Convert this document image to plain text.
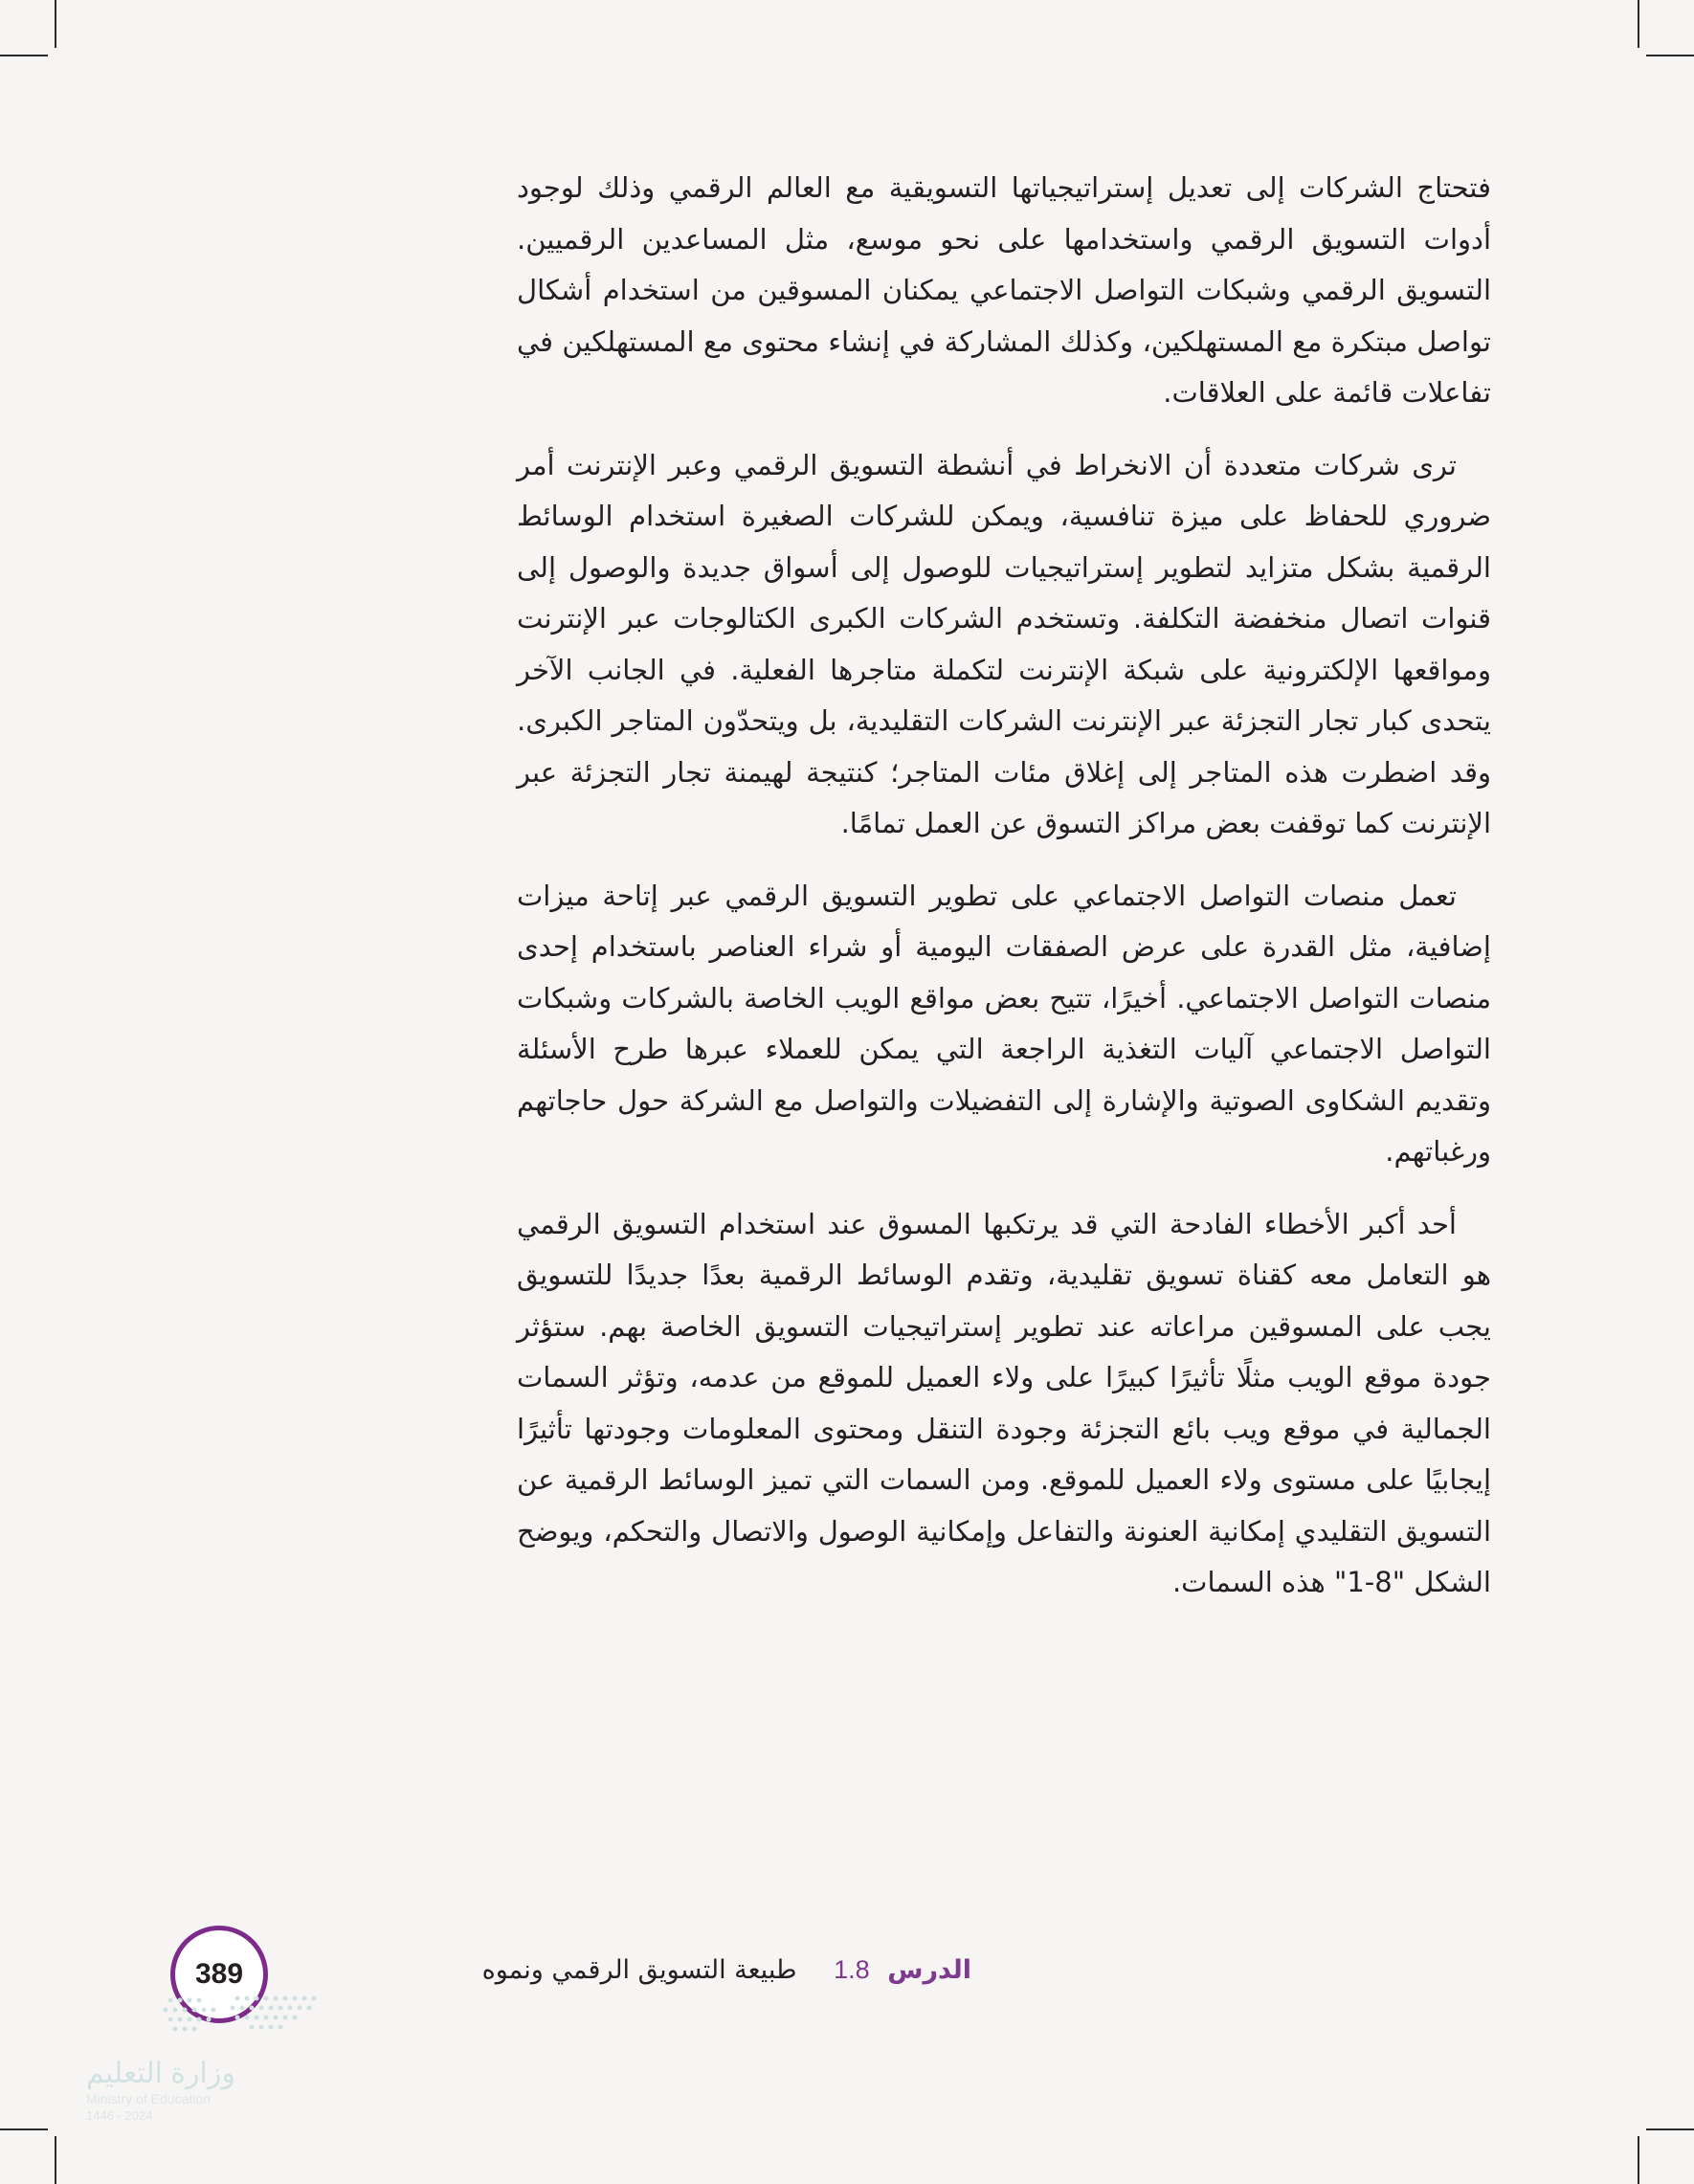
فتحتاج الشركات إلى تعديل إستراتيجياتها التسويقية مع العالم الرقمي وذلك لوجود أدوات التسويق الرقمي واستخدامها على نحو موسع، مثل المساعدين الرقميين. التسويق الرقمي وشبكات التواصل الاجتماعي يمكنان المسوقين من استخدام أشكال تواصل مبتكرة مع المستهلكين، وكذلك المشاركة في إنشاء محتوى مع المستهلكين في تفاعلات قائمة على العلاقات.

ترى شركات متعددة أن الانخراط في أنشطة التسويق الرقمي وعبر الإنترنت أمر ضروري للحفاظ على ميزة تنافسية، ويمكن للشركات الصغيرة استخدام الوسائط الرقمية بشكل متزايد لتطوير إستراتيجيات للوصول إلى أسواق جديدة والوصول إلى قنوات اتصال منخفضة التكلفة. وتستخدم الشركات الكبرى الكتالوجات عبر الإنترنت ومواقعها الإلكترونية على شبكة الإنترنت لتكملة متاجرها الفعلية. في الجانب الآخر يتحدى كبار تجار التجزئة عبر الإنترنت الشركات التقليدية، بل ويتحدّون المتاجر الكبرى. وقد اضطرت هذه المتاجر إلى إغلاق مئات المتاجر؛ كنتيجة لهيمنة تجار التجزئة عبر الإنترنت كما توقفت بعض مراكز التسوق عن العمل تمامًا.

تعمل منصات التواصل الاجتماعي على تطوير التسويق الرقمي عبر إتاحة ميزات إضافية، مثل القدرة على عرض الصفقات اليومية أو شراء العناصر باستخدام إحدى منصات التواصل الاجتماعي. أخيرًا، تتيح بعض مواقع الويب الخاصة بالشركات وشبكات التواصل الاجتماعي آليات التغذية الراجعة التي يمكن للعملاء عبرها طرح الأسئلة وتقديم الشكاوى الصوتية والإشارة إلى التفضيلات والتواصل مع الشركة حول حاجاتهم ورغباتهم.

أحد أكبر الأخطاء الفادحة التي قد يرتكبها المسوق عند استخدام التسويق الرقمي هو التعامل معه كقناة تسويق تقليدية، وتقدم الوسائط الرقمية بعدًا جديدًا للتسويق يجب على المسوقين مراعاته عند تطوير إستراتيجيات التسويق الخاصة بهم. ستؤثر جودة موقع الويب مثلًا تأثيرًا كبيرًا على ولاء العميل للموقع من عدمه، وتؤثر السمات الجمالية في موقع ويب بائع التجزئة وجودة التنقل ومحتوى المعلومات وجودتها تأثيرًا إيجابيًا على مستوى ولاء العميل للموقع. ومن السمات التي تميز الوسائط الرقمية عن التسويق التقليدي إمكانية العنونة والتفاعل وإمكانية الوصول والاتصال والتحكم، ويوضح الشكل "8-1" هذه السمات.

الدرس 1.8 طبيعة التسويق الرقمي ونموه
389
وزارة التعليم
Ministry of Education
2024 - 1446
